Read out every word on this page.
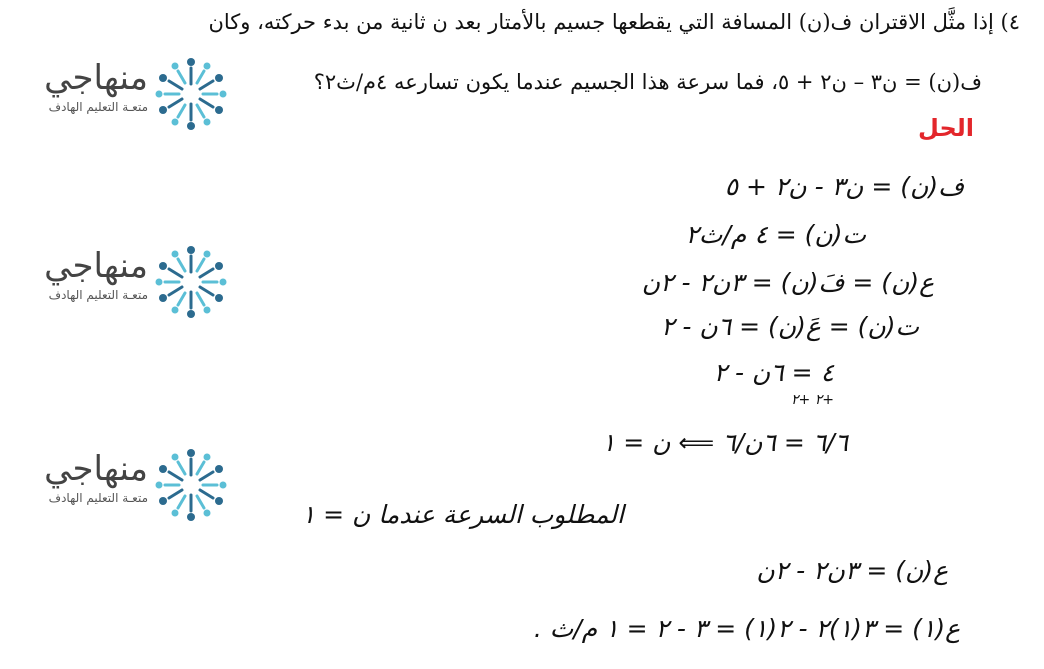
٤) إذا مثَّل الاقتران ف(ن) المسافة التي يقطعها جسيم بالأمتار بعد ن ثانية من بدء حركته، وكان
ف(ن) = ن٣ – ن٢ + ٥، فما سرعة هذا الجسيم عندما يكون تسارعه ٤م/ث٢؟
الحل
منهاجي
متعـة التعليم الهادف
منهاجي
متعـة التعليم الهادف
منهاجي
متعـة التعليم الهادف
ف(ن) = ن٣ - ن٢ + ٥
ت(ن) = ٤ م/ث٢
ع(ن) = فَ(ن) = ٣ن٢ - ٢ن
ت(ن) = عَ(ن) = ٦ن - ٢
٤ = ٦ن - ٢
+٢ +٢
٦/٦ = ٦ن/٦ ⟸ ن = ١
المطلوب السرعة عندما ن = ١
ع(ن) = ٣ن٢ - ٢ن
ع(١) = ٣(١)٢ - ٢(١) = ٣ - ٢ = ١ م/ث .
